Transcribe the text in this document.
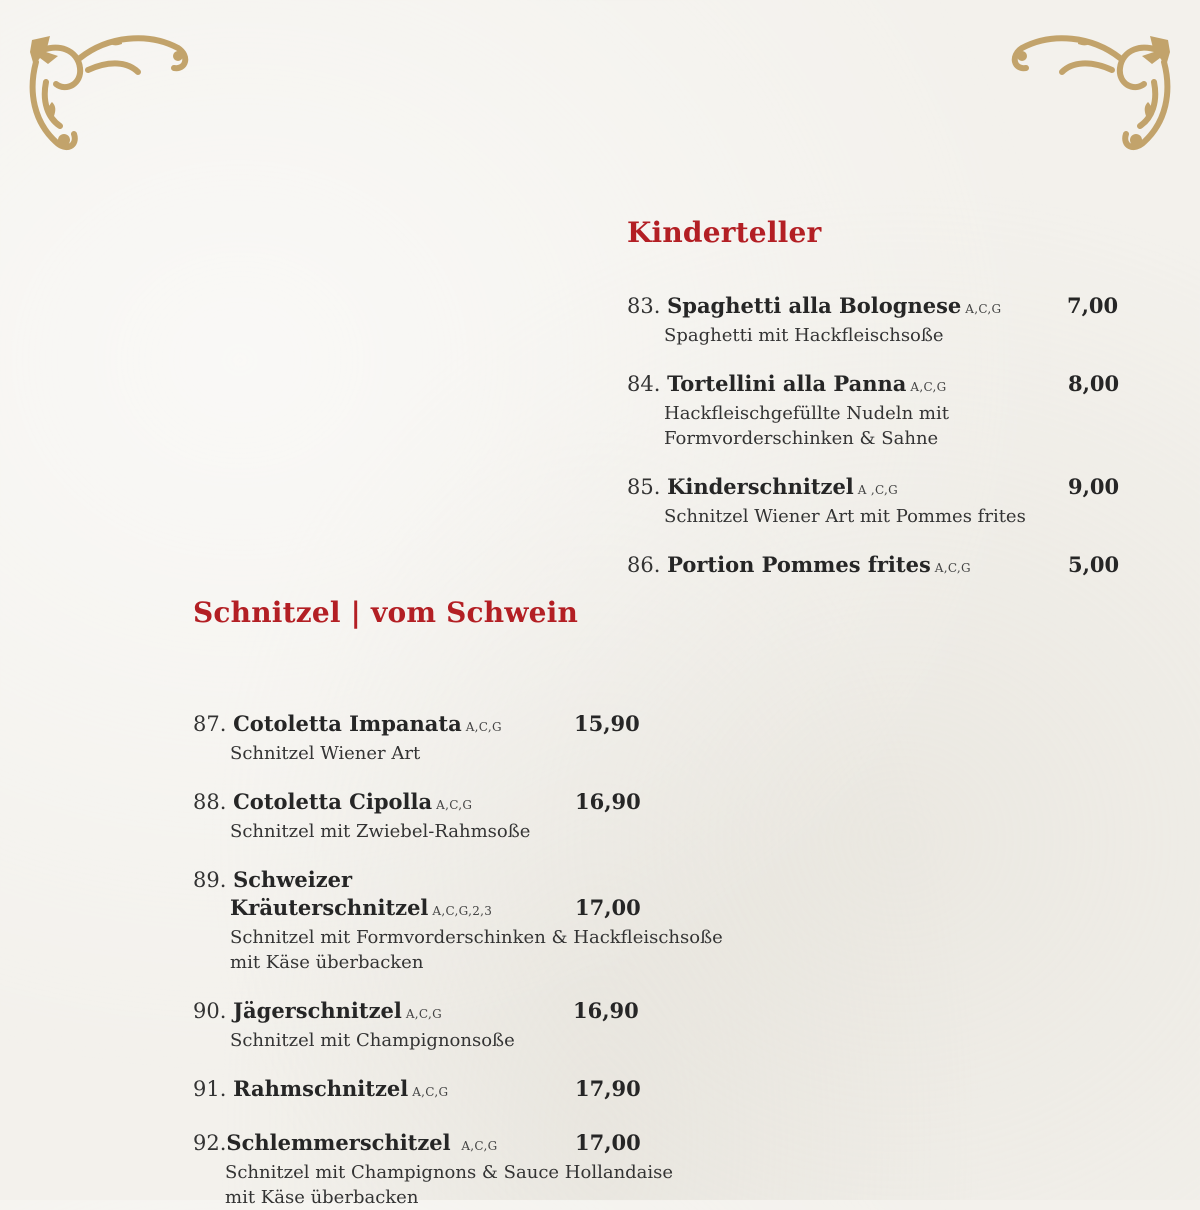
Kinderteller
83. Spaghetti alla Bolognese A,C,G	7,00
Spaghetti mit Hackfleischsoße
84. Tortellini alla Panna A,C,G	8,00
Hackfleischgefüllte Nudeln mit
Formvorderschinken & Sahne
85. Kinderschnitzel A ,C,G	9,00
Schnitzel Wiener Art mit Pommes frites
86. Portion Pommes frites A,C,G	5,00
Schnitzel | vom Schwein
87. Cotoletta Impanata A,C,G	15,90
Schnitzel Wiener Art
88. Cotoletta Cipolla A,C,G	16,90
Schnitzel mit Zwiebel-Rahmsoße
89. Schweizer
Kräuterschnitzel A,C,G,2,3	17,00
Schnitzel mit Formvorderschinken & Hackfleischsoße
mit Käse überbacken
90. Jägerschnitzel A,C,G	16,90
Schnitzel mit Champignonsoße
91. Rahmschnitzel A,C,G	17,90
92.Schlemmerschitzel A,C,G	17,00
Schnitzel mit Champignons & Sauce Hollandaise
mit Käse überbacken
